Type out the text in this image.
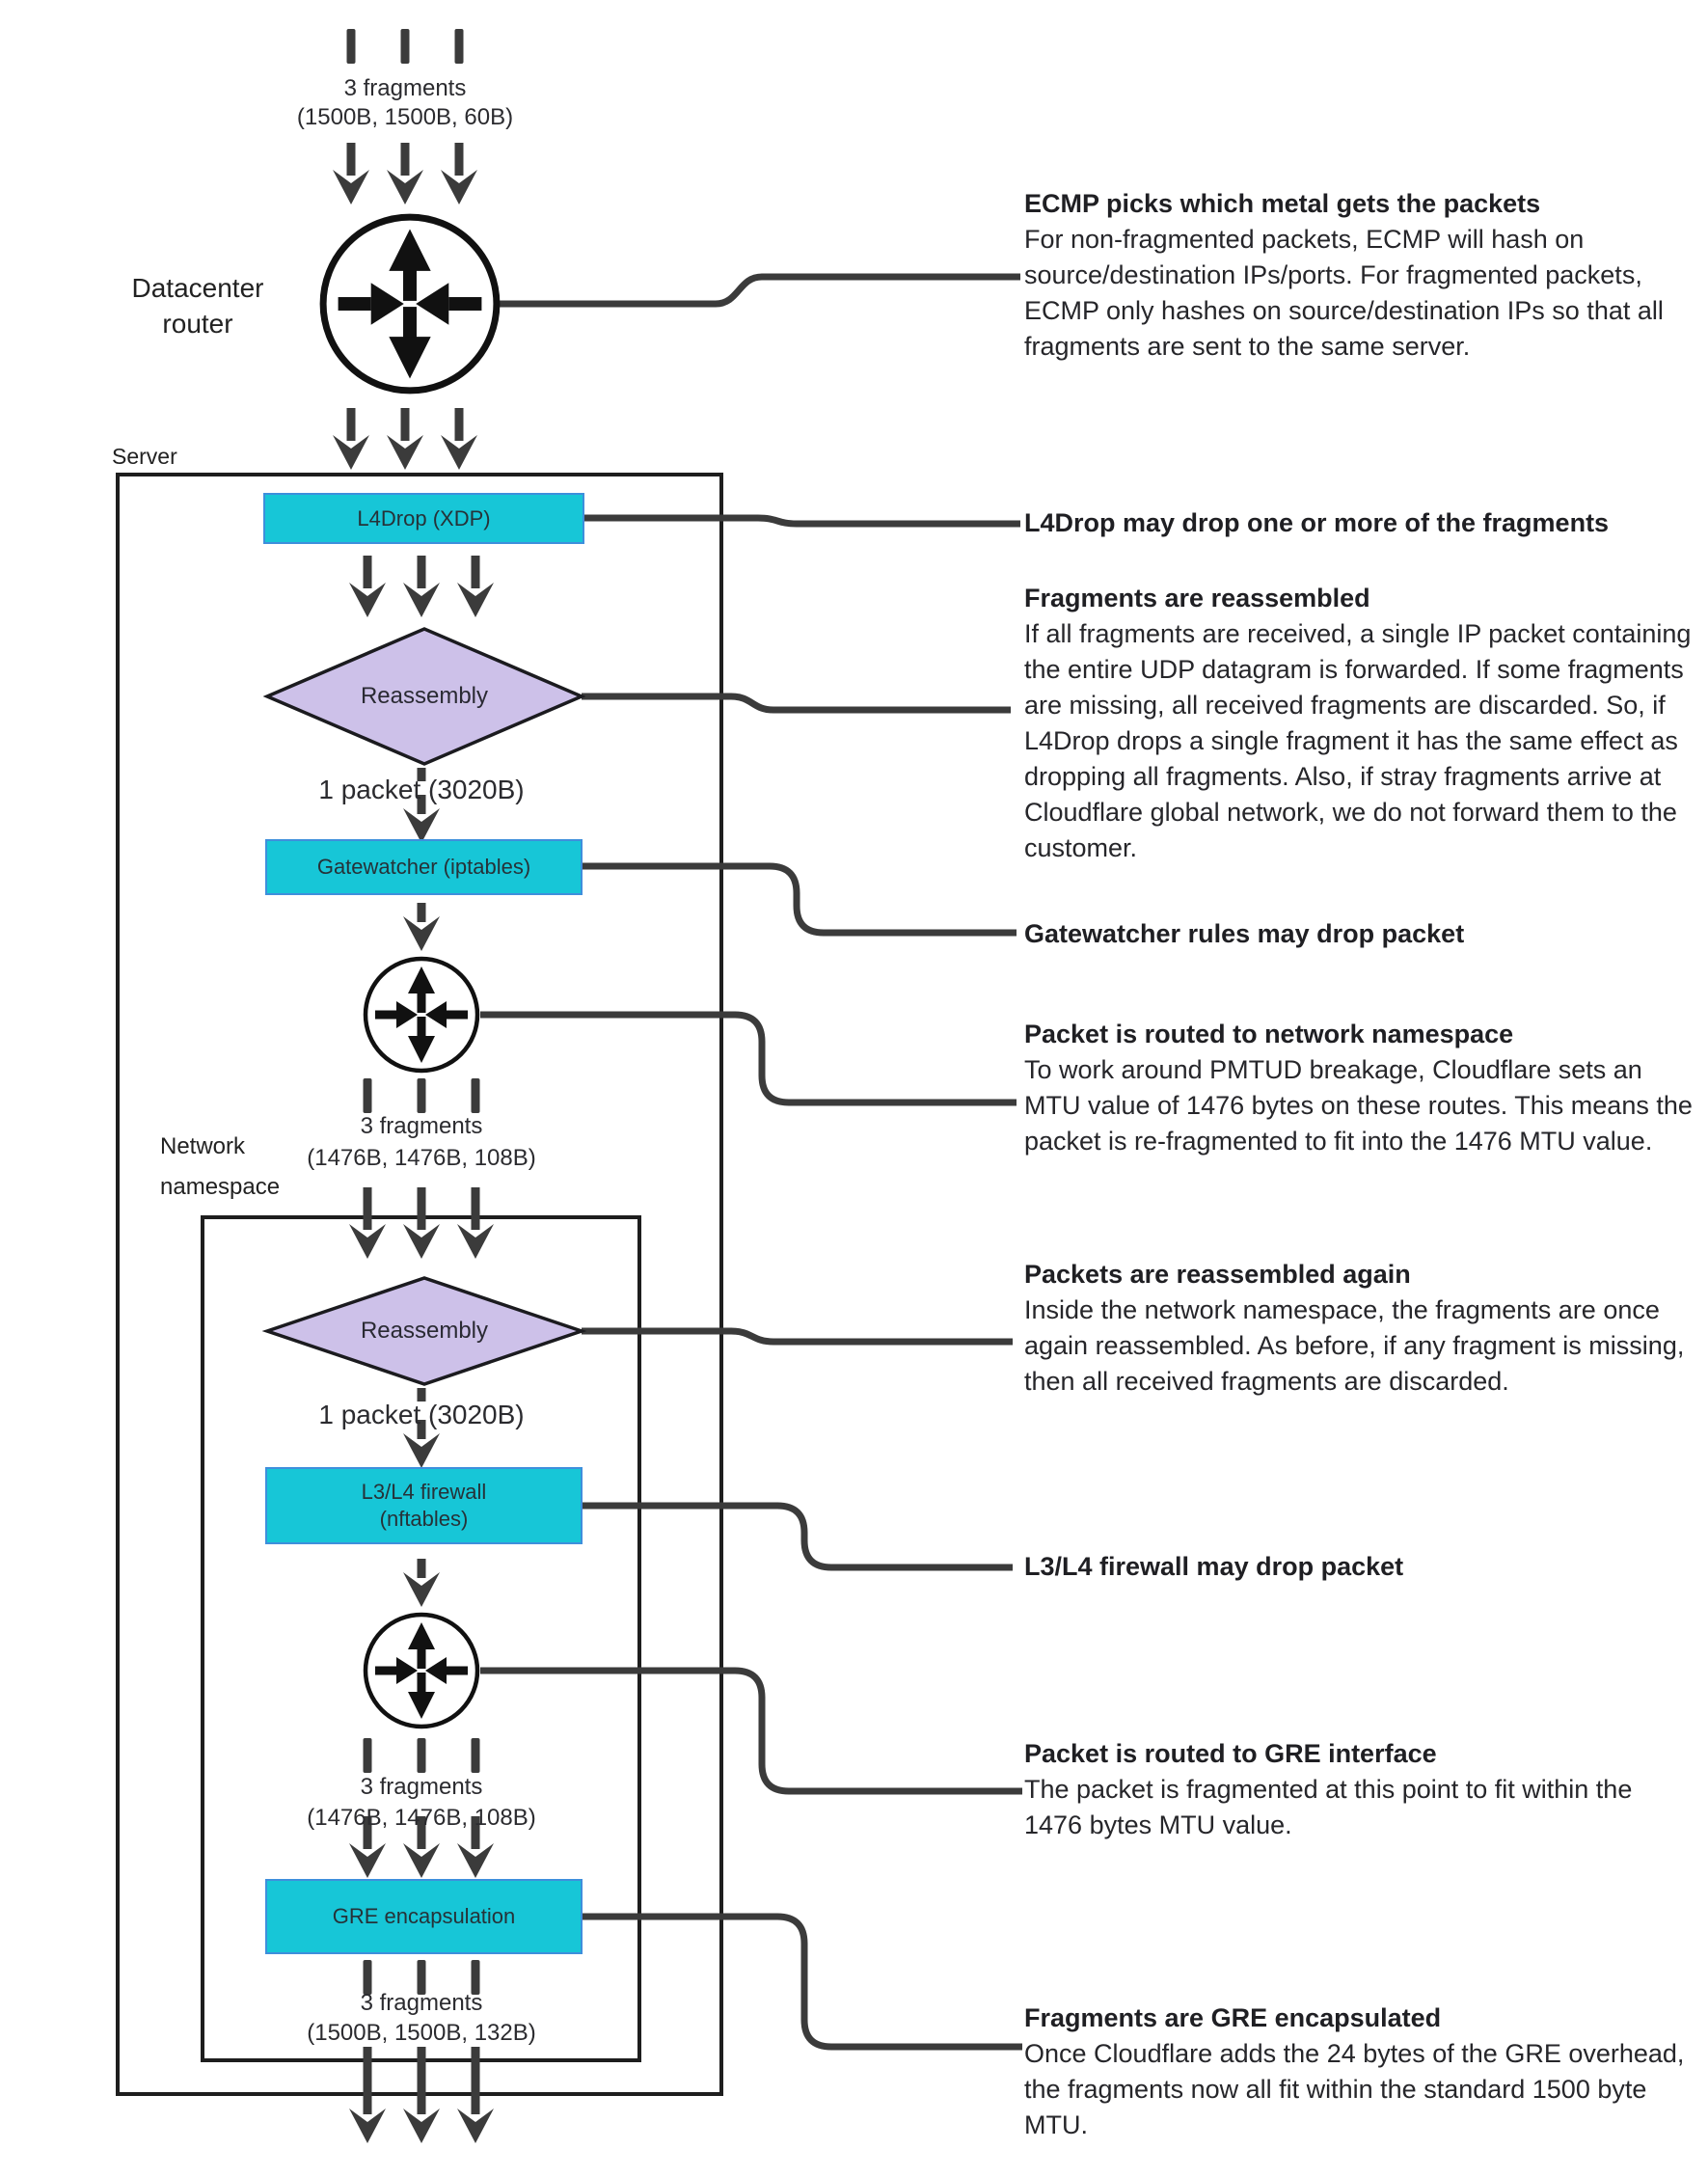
3 fragments
(1500B, 1500B, 60B)
Datacenter router
Server
L4Drop (XDP)
Reassembly
1 packet (3020B)
Gatewatcher (iptables)
3 fragments
(1476B, 1476B, 108B)
Network namespace
Reassembly
1 packet (3020B)
L3/L4 firewall
(nftables)
3 fragments
(1476B, 1476B, 108B)
GRE encapsulation
3 fragments
(1500B, 1500B, 132B)
ECMP picks which metal gets the packets
For non-fragmented packets, ECMP will hash on source/destination IPs/ports. For fragmented packets, ECMP only hashes on source/destination IPs so that all fragments are sent to the same server.
L4Drop may drop one or more of the fragments
Fragments are reassembled
If all fragments are received, a single IP packet containing the entire UDP datagram is forwarded. If some fragments are missing, all received fragments are discarded. So, if L4Drop drops a single fragment it has the same effect as dropping all fragments. Also, if stray fragments arrive at Cloudflare global network, we do not forward them to the customer.
Gatewatcher rules may drop packet
Packet is routed to network namespace
To work around PMTUD breakage, Cloudflare sets an MTU value of 1476 bytes on these routes. This means the packet is re-fragmented to fit into the 1476 MTU value.
Packets are reassembled again
Inside the network namespace, the fragments are once again reassembled. As before, if any fragment is missing, then all received fragments are discarded.
L3/L4 firewall may drop packet
Packet is routed to GRE interface
The packet is fragmented at this point to fit within the 1476 bytes MTU value.
Fragments are GRE encapsulated
Once Cloudflare adds the 24 bytes of the GRE overhead, the fragments now all fit within the standard 1500 byte MTU.
